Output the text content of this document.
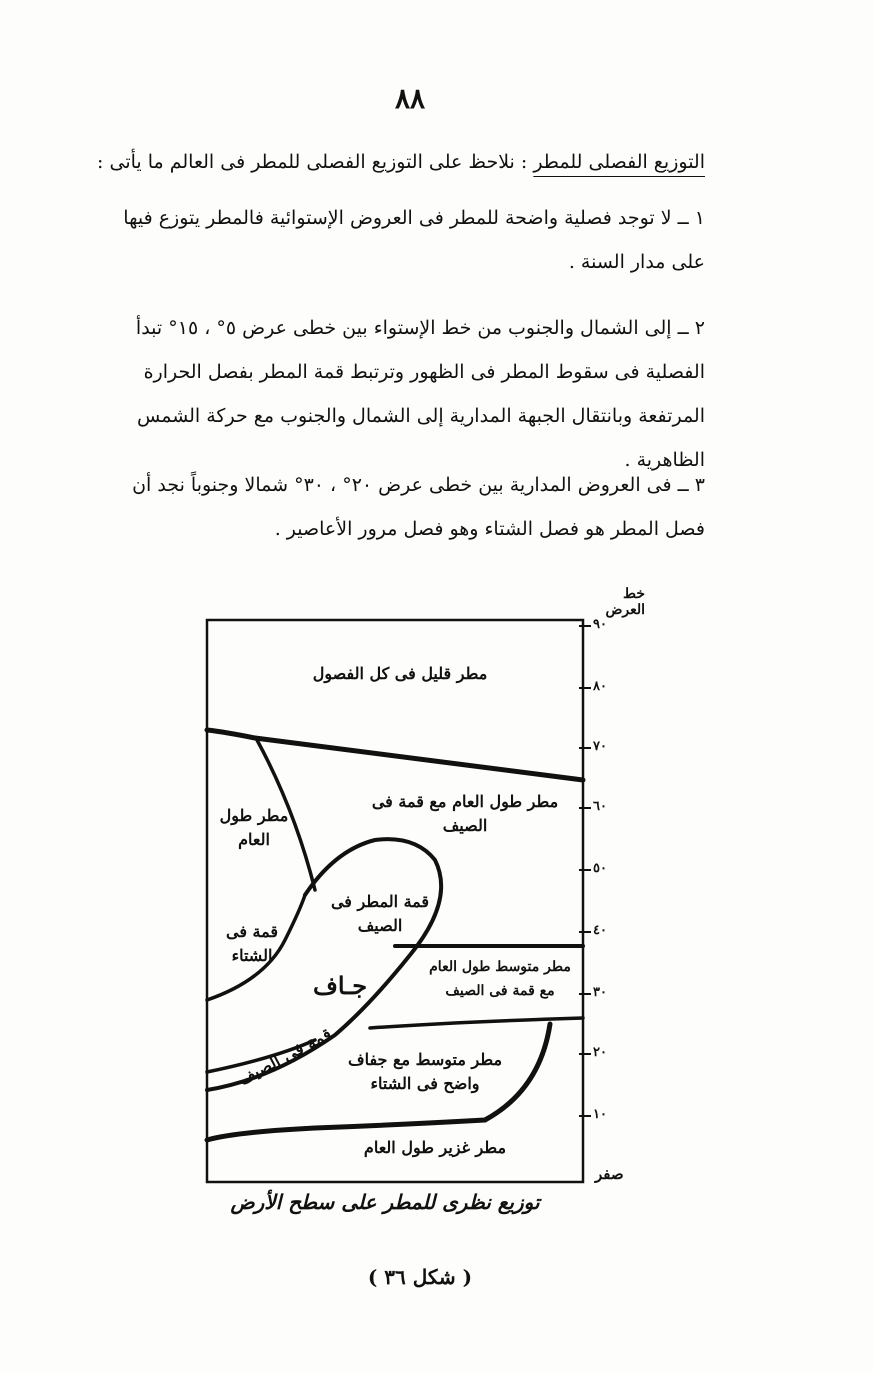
٨٨

التوزيع الفصلى للمطر : نلاحظ على التوزيع الفصلى للمطر فى العالم ما يأتى :

١ ــ لا توجد فصلية واضحة للمطر فى العروض الإستوائية فالمطر يتوزع فيها على مدار السنة .

٢ ــ إلى الشمال والجنوب من خط الإستواء بين خطى عرض ٥° ، ١٥° تبدأ الفصلية فى سقوط المطر فى الظهور وترتبط قمة المطر بفصل الحرارة المرتفعة وبانتقال الجبهة المدارية إلى الشمال والجنوب مع حركة الشمس الظاهرية .

٣ ــ فى العروض المدارية بين خطى عرض ٢٠° ، ٣٠° شمالا وجنوباً نجد أن فصل المطر هو فصل الشتاء وهو فصل مرور الأعاصير .

خط العرض
٩٠
٨٠
٧٠
٦٠
٥٠
٤٠
٣٠
٢٠
١٠
صفر
مطر قليل فى كل الفصول
مطر طول العام
مطر طول العام مع قمة فى الصيف
قمة فى الشتاء
قمة المطر فى الصيف
جـاف
مطر متوسط طول العام مع قمة فى الصيف
قمة فى الصيف مطر متوسط مع جفاف واضح فى الشتاء
مطر غزير طول العام
توزيع نظرى للمطر على سطح الأرض
( شكل ٣٦ )
